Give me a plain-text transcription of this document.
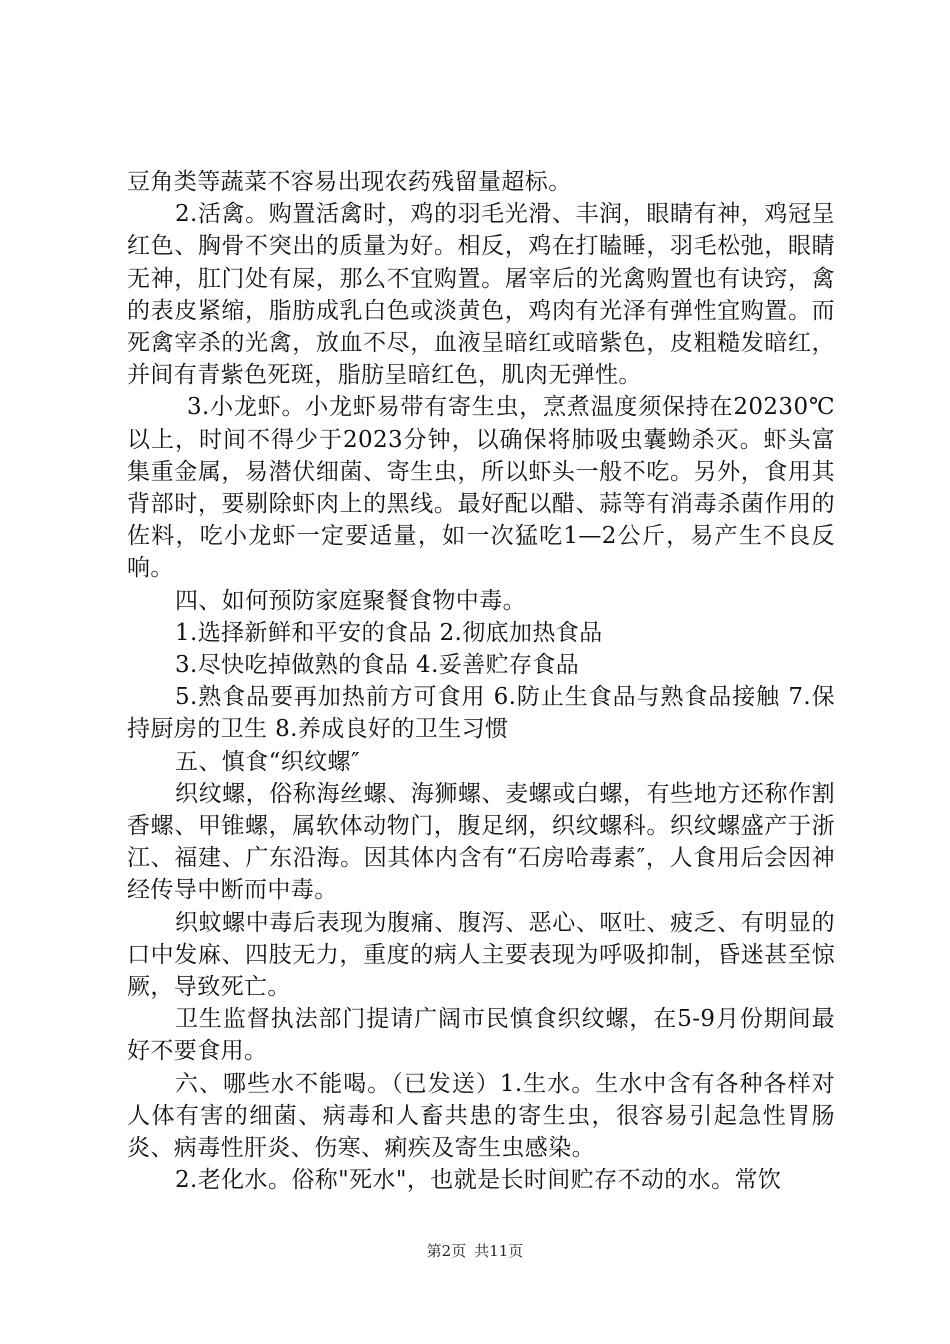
豆角类等蔬菜不容易出现农药残留量超标。

2.活禽。购置活禽时，鸡的羽毛光滑、丰润，眼睛有神，鸡冠呈红色、胸骨不突出的质量为好。相反，鸡在打瞌睡，羽毛松弛，眼睛无神，肛门处有屎，那么不宜购置。屠宰后的光禽购置也有诀窍，禽的表皮紧缩，脂肪成乳白色或淡黄色，鸡肉有光泽有弹性宜购置。而死禽宰杀的光禽，放血不尽，血液呈暗红或暗紫色，皮粗糙发暗红，并间有青紫色死斑，脂肪呈暗红色，肌肉无弹性。

3.小龙虾。小龙虾易带有寄生虫，烹煮温度须保持在20230℃以上，时间不得少于2023分钟，以确保将肺吸虫囊蚴杀灭。虾头富集重金属，易潜伏细菌、寄生虫，所以虾头一般不吃。另外，食用其背部时，要剔除虾肉上的黑线。最好配以醋、蒜等有消毒杀菌作用的佐料，吃小龙虾一定要适量，如一次猛吃1—2公斤，易产生不良反响。

四、如何预防家庭聚餐食物中毒。

1.选择新鲜和平安的食品 2.彻底加热食品

3.尽快吃掉做熟的食品 4.妥善贮存食品

5.熟食品要再加热前方可食用 6.防止生食品与熟食品接触 7.保持厨房的卫生 8.养成良好的卫生习惯

五、慎食“织纹螺″

织纹螺，俗称海丝螺、海狮螺、麦螺或白螺，有些地方还称作割香螺、甲锥螺，属软体动物门，腹足纲，织纹螺科。织纹螺盛产于浙江、福建、广东沿海。因其体内含有“石房哈毒素″，人食用后会因神经传导中断而中毒。

织蚊螺中毒后表现为腹痛、腹泻、恶心、呕吐、疲乏、有明显的口中发麻、四肢无力，重度的病人主要表现为呼吸抑制，昏迷甚至惊厥，导致死亡。

卫生监督执法部门提请广阔市民慎食织纹螺，在5-9月份期间最好不要食用。

六、哪些水不能喝。（已发送）1.生水。生水中含有各种各样对人体有害的细菌、病毒和人畜共患的寄生虫，很容易引起急性胃肠炎、病毒性肝炎、伤寒、痢疾及寄生虫感染。

2.老化水。俗称"死水"，也就是长时间贮存不动的水。常饮

第2页 共11页
